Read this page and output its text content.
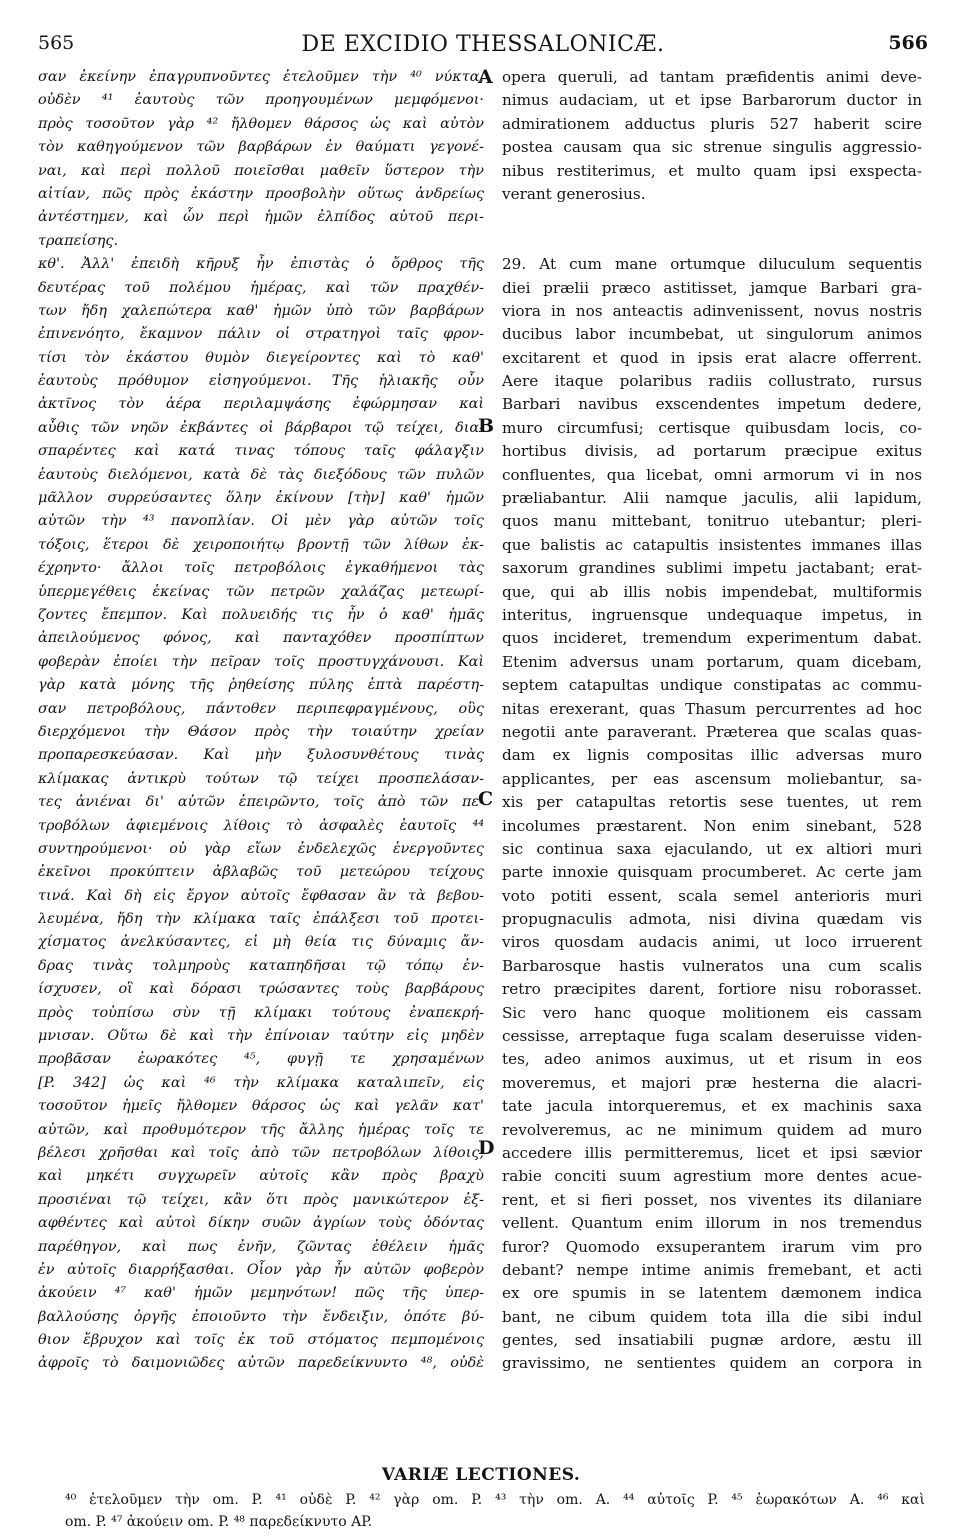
565	DE EXCIDIO THESSALONICÆ.	566
σαν ἐκείνην ἐπαγρυπνοῦντες ἐτελοῦμεν τὴν ⁴⁰ νύκτα,
οὐδὲν ⁴¹ ἑαυτοὺς τῶν προηγουμένων μεμφόμενοι·
πρὸς τοσοῦτον γὰρ ⁴² ἤλθομεν θάρσος ὡς καὶ αὐτὸν
τὸν καθηγούμενον τῶν βαρβάρων ἐν θαύματι γεγονέ-
ναι, καὶ περὶ πολλοῦ ποιεῖσθαι μαθεῖν ὕστερον τὴν
αἰτίαν, πῶς πρὸς ἑκάστην προσβολὴν οὕτως ἀνδρείως
ἀντέστημεν, καὶ ὧν περὶ ἡμῶν ἐλπίδος αὐτοῦ περι-
τραπείσης.
κθ'. Ἀλλ' ἐπειδὴ κῆρυξ ἦν ἐπιστὰς ὁ ὄρθρος τῆς
δευτέρας τοῦ πολέμου ἡμέρας, καὶ τῶν πραχθέν-
των ἤδη χαλεπώτερα καθ' ἡμῶν ὑπὸ τῶν βαρβάρων
ἐπινενόητο, ἔκαμνον πάλιν οἱ στρατηγοὶ ταῖς φρον-
τίσι τὸν ἑκάστου θυμὸν διεγείροντες καὶ τὸ καθ'
ἑαυτοὺς πρόθυμον εἰσηγούμενοι. Τῆς ἡλιακῆς οὖν
ἀκτῖνος τὸν ἀέρα περιλαμψάσης ἐφώρμησαν καὶ
αὖθις τῶν νηῶν ἐκβάντες οἱ βάρβαροι τῷ τείχει, δια-
σπαρέντες καὶ κατά τινας τόπους ταῖς φάλαγξιν
ἑαυτοὺς διελόμενοι, κατὰ δὲ τὰς διεξόδους τῶν πυλῶν
μᾶλλον συρρεύσαντες ὅλην ἐκίνουν [τὴν] καθ' ἡμῶν
αὐτῶν τὴν ⁴³ πανοπλίαν. Οἱ μὲν γὰρ αὐτῶν τοῖς
τόξοις, ἕτεροι δὲ χειροποιήτῳ βροντῇ τῶν λίθων ἐκ-
έχρηντο· ἄλλοι τοῖς πετροβόλοις ἐγκαθήμενοι τὰς
ὑπερμεγέθεις ἐκείνας τῶν πετρῶν χαλάζας μετεωρί-
ζοντες ἔπεμπον. Καὶ πολυειδής τις ἦν ὁ καθ' ἡμᾶς
ἀπειλούμενος φόνος, καὶ πανταχόθεν προσπίπτων
φοβερὰν ἐποίει τὴν πεῖραν τοῖς προστυγχάνουσι. Καὶ
γὰρ κατὰ μόνης τῆς ῥηθείσης πύλης ἑπτὰ παρέστη-
σαν πετροβόλους, πάντοθεν περιπεφραγμένους, οὓς
διερχόμενοι τὴν Θάσον πρὸς τὴν τοιαύτην χρείαν
προπαρεσκεύασαν. Καὶ μὴν ξυλοσυνθέτους τινὰς
κλίμακας ἀντικρὺ τούτων τῷ τείχει προσπελάσαν-
τες ἀνιέναι δι' αὐτῶν ἐπειρῶντο, τοῖς ἀπὸ τῶν πε-
τροβόλων ἀφιεμένοις λίθοις τὸ ἀσφαλὲς ἑαυτοῖς ⁴⁴
συντηρούμενοι· οὐ γὰρ εἴων ἐνδελεχῶς ἐνεργοῦντες
ἐκεῖνοι προκύπτειν ἀβλαβῶς τοῦ μετεώρου τείχους
τινά. Καὶ δὴ εἰς ἔργον αὐτοῖς ἔφθασαν ἂν τὰ βεβου-
λευμένα, ἤδη τὴν κλίμακα ταῖς ἐπάλξεσι τοῦ προτει-
χίσματος ἀνελκύσαντες, εἰ μὴ θεία τις δύναμις ἄν-
δρας τινὰς τολμηροὺς καταπηδῆσαι τῷ τόπῳ ἐν-
ίσχυσεν, οἳ καὶ δόρασι τρώσαντες τοὺς βαρβάρους
πρὸς τοὐπίσω σὺν τῇ κλίμακι τούτους ἐναπεκρή-
μνισαν. Οὕτω δὲ καὶ τὴν ἐπίνοιαν ταύτην εἰς μηδὲν
προβᾶσαν ἑωρακότες ⁴⁵, φυγῇ τε χρησαμένων
[P. 342] ὡς καὶ ⁴⁶ τὴν κλίμακα καταλιπεῖν, εἰς
τοσοῦτον ἡμεῖς ἤλθομεν θάρσος ὡς καὶ γελᾶν κατ'
αὐτῶν, καὶ προθυμότερον τῆς ἄλλης ἡμέρας τοῖς τε
βέλεσι χρῆσθαι καὶ τοῖς ἀπὸ τῶν πετροβόλων λίθοις,
καὶ μηκέτι συγχωρεῖν αὐτοῖς κἂν πρὸς βραχὺ
προσιέναι τῷ τείχει, κἂν ὅτι πρὸς μανικώτερον ἐξ-
αφθέντες καὶ αὐτοὶ δίκην συῶν ἀγρίων τοὺς ὀδόντας
παρέθηγον, καὶ πως ἐνῆν, ζῶντας ἐθέλειν ἡμᾶς
ἐν αὐτοῖς διαρρήξασθαι. Οἷον γὰρ ἦν αὐτῶν φοβερὸν
ἀκούειν ⁴⁷ καθ' ἡμῶν μεμηνότων! πῶς τῆς ὑπερ-
βαλλούσης ὀργῆς ἐποιοῦντο τὴν ἔνδειξιν, ὁπότε βύ-
θιον ἔβρυχον καὶ τοῖς ἐκ τοῦ στόματος πεμπομένοις
ἀφροῖς τὸ δαιμονιῶδες αὐτῶν παρεδείκνυντο ⁴⁸, οὐδὲ
A
B
C
D
opera queruli, ad tantam præfidentis animi deve-
nimus audaciam, ut et ipse Barbarorum ductor in
admirationem adductus pluris 527 haberit scire
postea causam qua sic strenue singulis aggressio-
nibus restiterimus, et multo quam ipsi exspecta-
verant generosius.
29. At cum mane ortumque diluculum sequentis
diei prælii præco astitisset, jamque Barbari gra-
viora in nos anteactis adinvenissent, novus nostris
ducibus labor incumbebat, ut singulorum animos
excitarent et quod in ipsis erat alacre offerrent.
Aere itaque polaribus radiis collustrato, rursus
Barbari navibus exscendentes impetum dedere,
muro circumfusi; certisque quibusdam locis, co-
hortibus divisis, ad portarum præcipue exitus
confluentes, qua licebat, omni armorum vi in nos
præliabantur. Alii namque jaculis, alii lapidum,
quos manu mittebant, tonitruo utebantur; pleri-
que balistis ac catapultis insistentes immanes illas
saxorum grandines sublimi impetu jactabant; erat-
que, qui ab illis nobis impendebat, multiformis
interitus, ingruensque undequaque impetus, in
quos incideret, tremendum experimentum dabat.
Etenim adversus unam portarum, quam dicebam,
septem catapultas undique constipatas ac commu-
nitas erexerant, quas Thasum percurrentes ad hoc
negotii ante paraverant. Præterea que scalas quas-
dam ex lignis compositas illic adversas muro
applicantes, per eas ascensum moliebantur, sa-
xis per catapultas retortis sese tuentes, ut rem
incolumes præstarent. Non enim sinebant, 528
sic continua saxa ejaculando, ut ex altiori muri
parte innoxie quisquam procumberet. Ac certe jam
voto potiti essent, scala semel anterioris muri
propugnaculis admota, nisi divina quædam vis
viros quosdam audacis animi, ut loco irruerent
Barbarosque hastis vulneratos una cum scalis
retro præcipites darent, fortiore nisu roborasset.
Sic vero hanc quoque molitionem eis cassam
cessisse, arreptaque fuga scalam deseruisse viden-
tes, adeo animos auximus, ut et risum in eos
moveremus, et majori præ hesterna die alacri-
tate jacula intorqueremus, et ex machinis saxa
revolveremus, ac ne minimum quidem ad muro
accedere illis permitteremus, licet et ipsi sævior
rabie conciti suum agrestium more dentes acue-
rent, et si fieri posset, nos viventes its dilaniare
vellent. Quantum enim illorum in nos tremendus
furor? Quomodo exsuperantem irarum vim pro
debant? nempe intime animis fremebant, et acti
ex ore spumis in se latentem dæmonem indica
bant, ne cibum quidem tota illa die sibi indul
gentes, sed insatiabili pugnæ ardore, æstu ill
gravissimo, ne sentientes quidem an corpora in
VARIÆ LECTIONES.
⁴⁰ ἐτελοῦμεν τὴν om. P. ⁴¹ οὐδὲ P. ⁴² γὰρ om. P. ⁴³ τὴν om. A. ⁴⁴ αὐτοῖς P. ⁴⁵ ἑωρακότων A. ⁴⁶ καὶ
om. P. ⁴⁷ ἀκούειν om. P. ⁴⁸ παρεδείκνυτο AP.
